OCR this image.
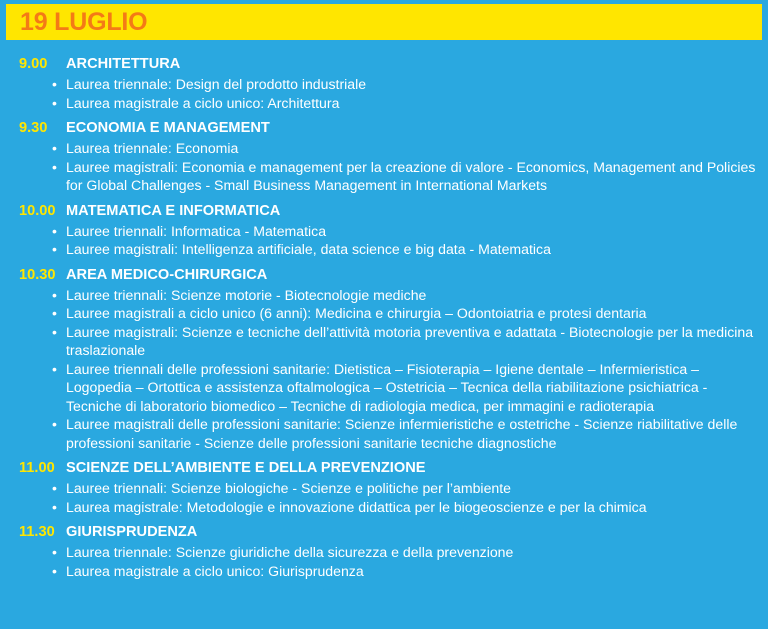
19 LUGLIO
9.00	ARCHITETTURA
• Laurea triennale: Design del prodotto industriale
• Laurea magistrale a ciclo unico: Architettura
9.30	ECONOMIA E MANAGEMENT
• Laurea triennale: Economia
• Lauree magistrali: Economia e management per la creazione di valore - Economics, Management and Policies for Global Challenges - Small Business Management in International Markets
10.00 MATEMATICA E INFORMATICA
• Lauree triennali: Informatica - Matematica
• Lauree magistrali: Intelligenza artificiale, data science e big data - Matematica
10.30 AREA MEDICO-CHIRURGICA
• Lauree triennali: Scienze motorie - Biotecnologie mediche
• Lauree magistrali a ciclo unico (6 anni): Medicina e chirurgia – Odontoiatria e protesi dentaria
• Lauree magistrali: Scienze e tecniche dell’attività motoria preventiva e adattata - Biotecnologie per la medicina traslazionale
• Lauree triennali delle professioni sanitarie: Dietistica – Fisioterapia – Igiene dentale – Infermieristica – Logopedia – Ortottica e assistenza oftalmologica – Ostetricia – Tecnica della riabilitazione psichiatrica - Tecniche di laboratorio biomedico – Tecniche di radiologia medica, per immagini e radioterapia
• Lauree magistrali delle professioni sanitarie: Scienze infermieristiche e ostetriche - Scienze riabilitative delle professioni sanitarie - Scienze delle professioni sanitarie tecniche diagnostiche
11.00 SCIENZE DELL’AMBIENTE E DELLA PREVENZIONE
• Lauree triennali: Scienze biologiche - Scienze e politiche per l’ambiente
• Laurea magistrale: Metodologie e innovazione didattica per le biogeoscienze e per la chimica
11.30 GIURISPRUDENZA
• Laurea triennale: Scienze giuridiche della sicurezza e della prevenzione
• Laurea magistrale a ciclo unico: Giurisprudenza
